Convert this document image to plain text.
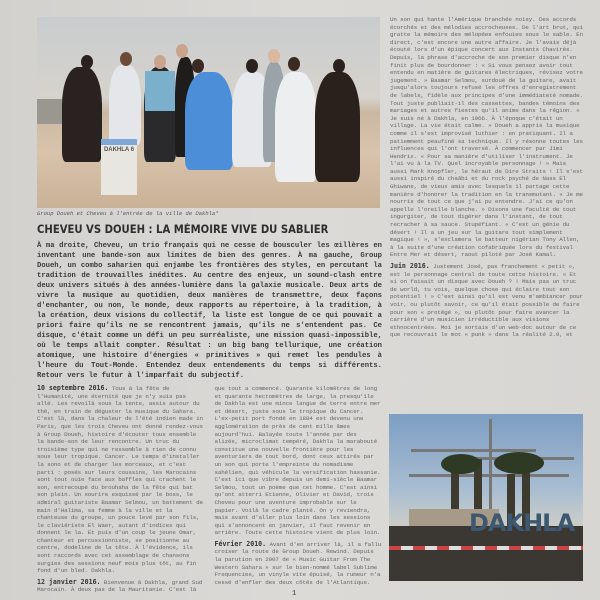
DAKHLA 6
Group Doueh et Cheveu à l'entrée de la ville de Dakhla*
CHEVEU VS DOUEH : LA MÉMOIRE VIVE DU SABLIER
À ma droite, Cheveu, un trio français qui ne cesse de bousculer les œillères en inventant une bande-son aux limites de bien des genres. À ma gauche, Group Doueh, un combo saharien qui enjambe les frontières des styles, en percutant la tradition de trouvailles inédites. Au centre des enjeux, un sound-clash entre deux univers situés à des années-lumière dans la galaxie musicale. Deux arts de vivre la musique au quotidien, deux manières de transmettre, deux façons d'enchanter, ou non, le monde, deux rapports au répertoire, à la tradition, à la création, deux visions du collectif, la liste est longue de ce qui pouvait a priori faire qu'ils ne se rencontrent jamais, qu'ils ne s'entendent pas. Ce disque, c'était comme un défi un peu surréaliste, une mission quasi-impossible, où le temps allait compter. Résultat : un big bang tellurique, une création atomique, une histoire d'énergies « primitives » qui remet les pendules à l'heure du Tout-Monde. Entendez deux entendements du temps si différents. Retour vers le futur à l'imparfait du subjectif.

10 septembre 2016. Tous à la fête de l'Humanité, une éternité que je n'y suis pas allé. Les revoilà sous la tente, assis autour du thé, en train de déguster la musique du Sahara. C'est là, dans la chaleur de l'été indien made in Paris, que les trois Cheveu ont donné rendez-vous à Group Doueh, histoire d'écouter tous ensemble la bande-son de leur rencontre. Un truc du troisième type qui ne ressemble à rien de connu sous leur tropique. Cancer. Le temps d'installer la sono et de charger les morceaux, et c'est parti : posés sur leurs coussins, les Marocains sont tout ouïe face aux baffles qui crachent le son, entrecoupé du brouhaha de la fête qui bat son plein. Un sourire esquissé par le boss, le admiral guitariste Baamar Selmou, un battement de main d'Halima, sa femme à la ville et la chanteuse du groupe, un pouce levé par son fils, le claviériste El Waer, autant d'indices qui donnent le la. Et puis d'un coup le jeune Omar, chanteur et percussionniste, se positionne au centre, dodeline de la tête. À l'évidence, ils sont raccords avec cet assemblage de chansons surgies des sessions neuf mois plus tôt, au fin fond d'un bled. Dakhla.

12 janvier 2016. Bienvenue à Dakhla, grand Sud Marocain. À deux pas de la Mauritanie. C'est là que tout a commencé. Quarante kilomètres de long et quarante hectomètres de large, la presqu'île de Dakhla est une mince langue de terre entre mer et désert, juste sous le tropique du Cancer. L'ex-petit port fondé en 1884 est devenu une agglomération de près de cent mille âmes aujourd'hui. Balayée toute l'année par des alizés, microclimat tempéré, Dakhla la marabouté constitue une nouvelle frontière pour les aventuriers de tout bord, dont ceux attirés par un son qui porte l'empreinte du nomadisme sahélien, qui véhicule la versification hassanie. C'est ici que vibre depuis un demi-siècle Baamar Selmou, tout un poème que cet homme. C'est ainsi qu'ont atterri Etienne, Olivier et David, trois Cheveu pour une aventure improbable sur le papier. Voilà le cadre planté. On y reviendra, mais avant d'aller plus loin dans les sessions qui s'annoncent en janvier, il faut revenir en arrière. Toute cette histoire vient de plus loin.

Février 2010. Avant d'en arriver là, il a fallu croiser la route de Group Doueh. Rewind. Depuis la parution en 2007 de « Music Guitar From The Western Sahara » sur le bien-nommé label Sublime Frequencies, un vinyle vite épuisé, la rumeur n'a cessé d'enfler des deux côtés de l'Atlantique.

Un son qui hante l'Amérique branchée noisy. Des accords écorchés et des mélodies accrocheuses. De l'art brut, qui gratte la mémoire des mélopées enfouies sous le sable. En direct, c'est encore une autre affaire. Je l'avais déjà écouté lors d'un épique concert aux Instants Chavirés. Depuis, la phrase d'accroche de son premier disque n'en finit plus de bourdonner : « Si vous pensez avoir tout entendu en matière de guitares électriques, révisez votre jugement. » Baamar Selmou, surdoué de la guitare, avait jusqu'alors toujours refusé les offres d'enregistrement de labels, fidèle aux principes d'une immédiateté nomade. Tout juste publiait-il des cassettes, bandes témoins des mariages et autres fiestes qu'il anime dans la région. « Je suis né à Dakhla, en 1966. À l'époque c'était un village. La vie était calme. » Doueh a appris la musique comme il s'est improvisé luthier : en pratiquant. Il a patiemment peaufiné sa technique. Il y résonne toutes les influences qui l'ont traversé. À commencer par Jimi Hendrix. « Pour sa manière d'utiliser l'instrument. Je l'ai vu à la TV. Quel incroyable personnage ! » Mais aussi Mark Knopfler, le héraut de Dire Straits ! Il s'est aussi inspiré du chaâbi et du rock psyché de Nass El Ghiwane, de vieux amis avec lesquels il partage cette manière d'honorer la tradition en la transmutant. « Je me nourris de tout ce que j'ai pu entendre. J'ai ce qu'on appelle l'oreille blanche. » Disons une faculté de tout ingurgiter, de tout digérer dans l'instant, de tout recracher à sa sauce. Stupéfiant. « C'est un génie du désert ! Il a un jeu sur la guitare tout simplement magique ! », s'exclamera le batteur nigérian Tony Allen, à la suite d'une création cofabriquée lors du festival Entre Mer et désert, raout piloté par José Kamal.

Juin 2016. Justement José, pas franchement « petit », est le personnage central de toute cette histoire. « Et si on faisait un disque avec Doueh ? ! Mais pas un truc de world, tu vois, quelque chose qui éclaire tout son potentiel ! » C'est ainsi qu'il est venu m'ambiancer pour voir, ou plutôt savoir, ce qu'il était possible de faire pour son « protégé », ou plutôt pour faire avancer la carrière d'un musicien irréductible aux visions ethnocentrées. Moi je sortais d'un web-doc autour de ce que recouvrait le mot « punk » dans la réalité 2.0, et

DAKHLA
1
